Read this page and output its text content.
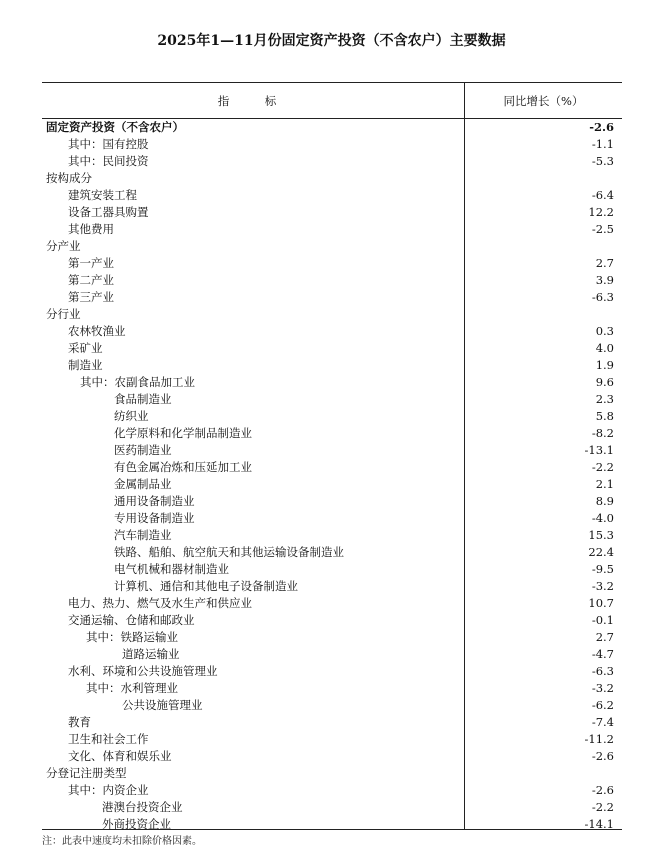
2025年1—11月份固定资产投资（不含农户）主要数据
指　标	同比增长（%）
固定资产投资（不含农户）	-2.6
其中：国有控股	-1.1
其中：民间投资	-5.3
按构成分
建筑安装工程	-6.4
设备工器具购置	12.2
其他费用	-2.5
分产业
第一产业	2.7
第二产业	3.9
第三产业	-6.3
分行业
农林牧渔业	0.3
采矿业	4.0
制造业	1.9
其中：农副食品加工业	9.6
食品制造业	2.3
纺织业	5.8
化学原料和化学制品制造业	-8.2
医药制造业	-13.1
有色金属冶炼和压延加工业	-2.2
金属制品业	2.1
通用设备制造业	8.9
专用设备制造业	-4.0
汽车制造业	15.3
铁路、船舶、航空航天和其他运输设备制造业	22.4
电气机械和器材制造业	-9.5
计算机、通信和其他电子设备制造业	-3.2
电力、热力、燃气及水生产和供应业	10.7
交通运输、仓储和邮政业	-0.1
其中：铁路运输业	2.7
道路运输业	-4.7
水利、环境和公共设施管理业	-6.3
其中：水利管理业	-3.2
公共设施管理业	-6.2
教育	-7.4
卫生和社会工作	-11.2
文化、体育和娱乐业	-2.6
分登记注册类型
其中：内资企业	-2.6
港澳台投资企业	-2.2
外商投资企业	-14.1
注：此表中速度均未扣除价格因素。
